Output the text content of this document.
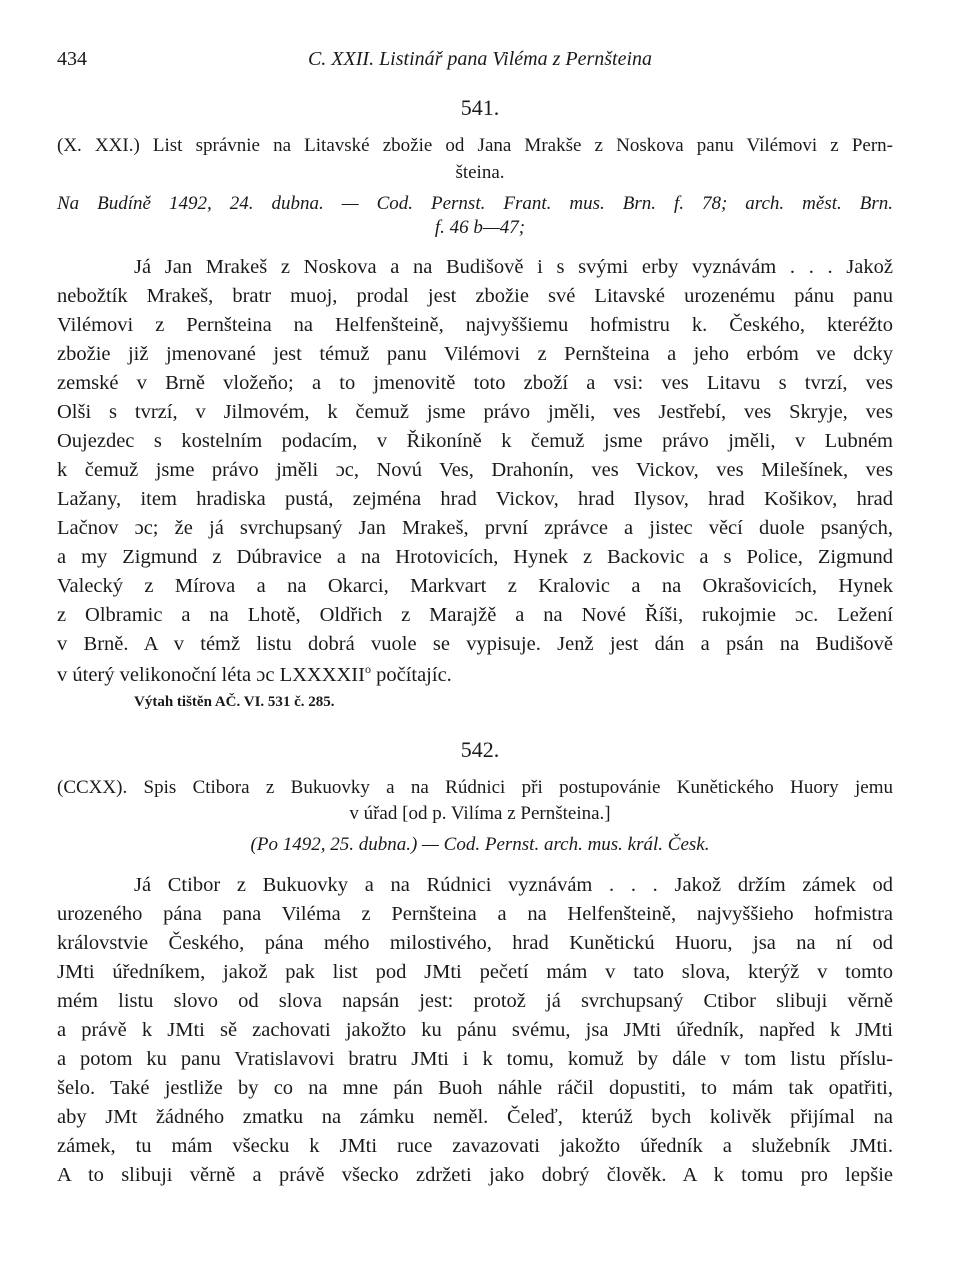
434	C. XXII. Listinář pana Viléma z Pernšteina
541.
(X. XXI.) List správnie na Litavské zbožie od Jana Mrakše z Noskova panu Vilémovi z Pern-
šteina.
Na Budíně 1492, 24. dubna. — Cod. Pernst. Frant. mus. Brn. f. 78; arch. měst. Brn.
f. 46 b—47;
Já Jan Mrakeš z Noskova a na Budišově i s svými erby vyznávám . . . Jakož
nebožtík Mrakeš, bratr muoj, prodal jest zbožie své Litavské urozenému pánu panu
Vilémovi z Pernšteina na Helfenšteině, najvyššiemu hofmistru k. Českého, kteréžto
zbožie již jmenované jest témuž panu Vilémovi z Pernšteina a jeho erbóm ve dcky
zemské v Brně vložeňo; a to jmenovitě toto zboží a vsi: ves Litavu s tvrzí, ves
Olši s tvrzí, v Jilmovém, k čemuž jsme právo jměli, ves Jestřebí, ves Skryje, ves
Oujezdec s kostelním podacím, v Řikoníně k čemuž jsme právo jměli, v Lubném
k čemuž jsme právo jměli ɔc, Novú Ves, Drahonín, ves Vickov, ves Milešínek, ves
Lažany, item hradiska pustá, zejména hrad Vickov, hrad Ilysov, hrad Košikov, hrad
Lačnov ɔc; že já svrchupsaný Jan Mrakeš, první zprávce a jistec věcí duole psaných,
a my Zigmund z Dúbravice a na Hrotovicích, Hynek z Backovic a s Police, Zigmund
Valecký z Mírova a na Okarci, Markvart z Kralovic a na Okrašovicích, Hynek
z Olbramic a na Lhotě, Oldřich z Marajžě a na Nové Říši, rukojmie ɔc. Ležení
v Brně. A v témž listu dobrá vuole se vypisuje. Jenž jest dán a psán na Budišově
v úterý velikonoční léta ɔc LXXXXII$^o$ počítajíc.
Výtah tištěn AČ. VI. 531 č. 285.
542.
(CCXX). Spis Ctibora z Bukuovky a na Rúdnici při postupovánie Kunětického Huory jemu
v úřad [od p. Vilíma z Pernšteina.]
(Po 1492, 25. dubna.) — Cod. Pernst. arch. mus. král. Česk.
Já Ctibor z Bukuovky a na Rúdnici vyznávám . . . Jakož držím zámek od
urozeného pána pana Viléma z Pernšteina a na Helfenšteině, najvyššieho hofmistra
královstvie Českého, pána mého milostivého, hrad Kunětickú Huoru, jsa na ní od
JMti úředníkem, jakož pak list pod JMti pečetí mám v tato slova, kterýž v tomto
mém listu slovo od slova napsán jest: protož já svrchupsaný Ctibor slibuji věrně
a právě k JMti sě zachovati jakožto ku pánu svému, jsa JMti úředník, napřed k JMti
a potom ku panu Vratislavovi bratru JMti i k tomu, komuž by dále v tom listu příslu-
šelo. Také jestliže by co na mne pán Buoh náhle ráčil dopustiti, to mám tak opatřiti,
aby JMt žádného zmatku na zámku neměl. Čeleď, kterúž bych kolivěk přijímal na
zámek, tu mám všecku k JMti ruce zavazovati jakožto úředník a služebník JMti.
A to slibuji věrně a právě všecko zdržeti jako dobrý člověk. A k tomu pro lepšie
